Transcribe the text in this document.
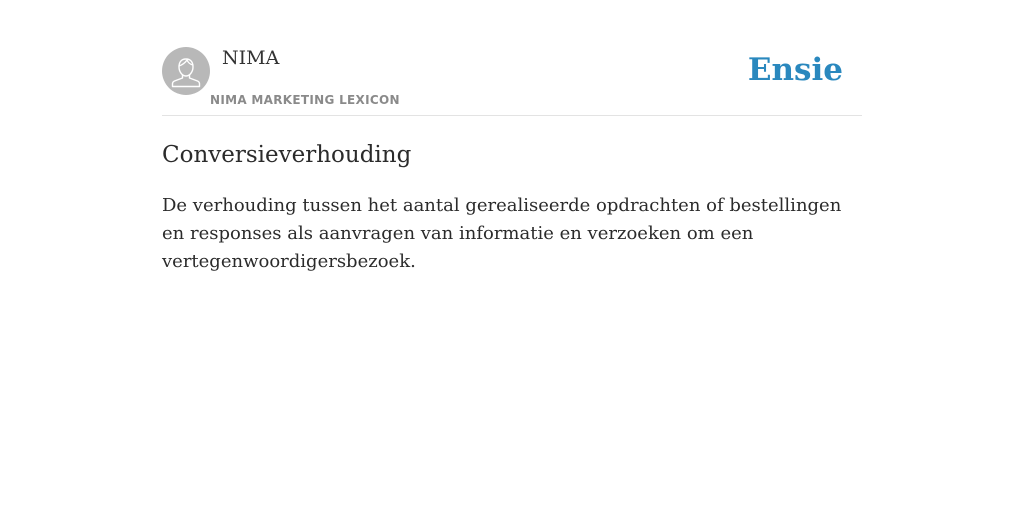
NIMA
NIMA MARKETING LEXICON
Ensie
Conversieverhouding

De verhouding tussen het aantal gerealiseerde opdrachten of bestellingen en responses als aanvragen van informatie en verzoeken om een vertegenwoordigersbezoek.
